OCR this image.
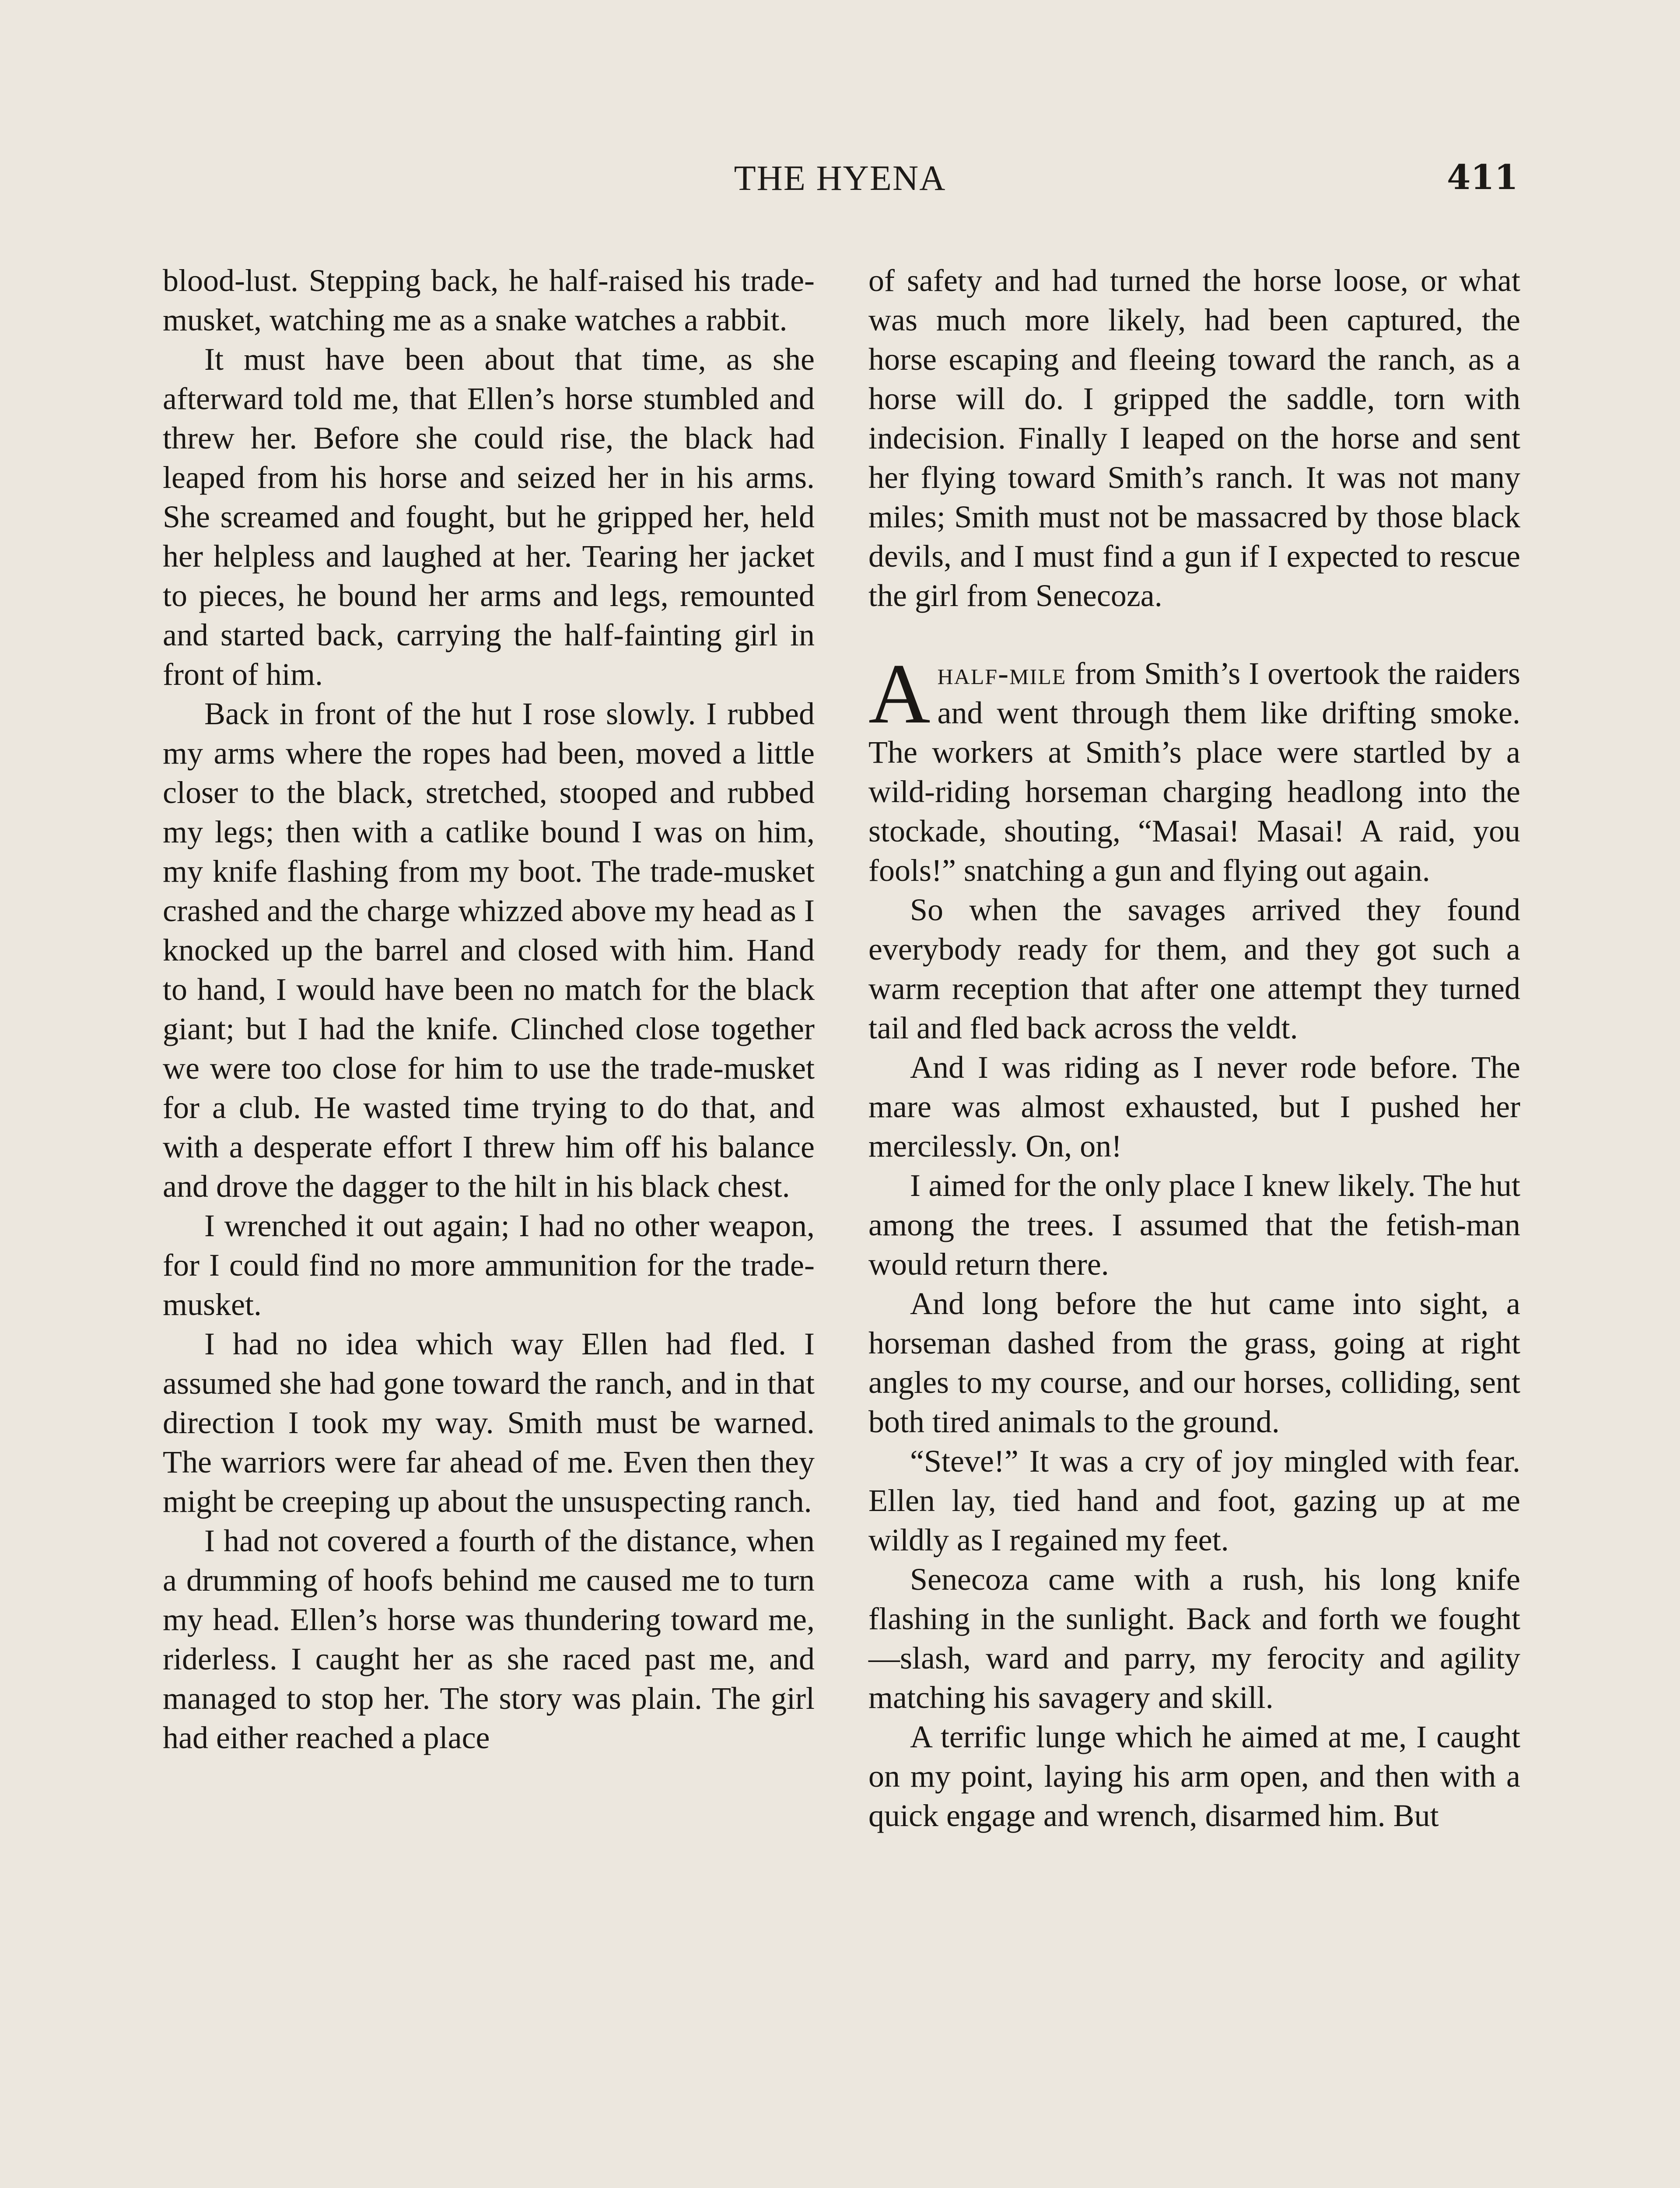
THE HYENA	411

blood-lust. Stepping back, he half-raised his trade-musket, watching me as a snake watches a rabbit.

It must have been about that time, as she afterward told me, that Ellen’s horse stumbled and threw her. Before she could rise, the black had leaped from his horse and seized her in his arms. She screamed and fought, but he gripped her, held her helpless and laughed at her. Tearing her jacket to pieces, he bound her arms and legs, remounted and started back, carrying the half-fainting girl in front of him.

Back in front of the hut I rose slowly. I rubbed my arms where the ropes had been, moved a little closer to the black, stretched, stooped and rubbed my legs; then with a catlike bound I was on him, my knife flashing from my boot. The trade-musket crashed and the charge whizzed above my head as I knocked up the barrel and closed with him. Hand to hand, I would have been no match for the black giant; but I had the knife. Clinched close together we were too close for him to use the trade-musket for a club. He wasted time trying to do that, and with a desperate effort I threw him off his balance and drove the dagger to the hilt in his black chest.

I wrenched it out again; I had no other weapon, for I could find no more ammunition for the trade-musket.

I had no idea which way Ellen had fled. I assumed she had gone toward the ranch, and in that direction I took my way. Smith must be warned. The warriors were far ahead of me. Even then they might be creeping up about the unsuspecting ranch.

I had not covered a fourth of the distance, when a drumming of hoofs behind me caused me to turn my head. Ellen’s horse was thundering toward me, riderless. I caught her as she raced past me, and managed to stop her. The story was plain. The girl had either reached a place

of safety and had turned the horse loose, or what was much more likely, had been captured, the horse escaping and fleeing toward the ranch, as a horse will do. I gripped the saddle, torn with indecision. Finally I leaped on the horse and sent her flying toward Smith’s ranch. It was not many miles; Smith must not be massacred by those black devils, and I must find a gun if I expected to rescue the girl from Senecoza.

Ahalf-mile from Smith’s I overtook the raiders and went through them like drifting smoke. The workers at Smith’s place were startled by a wild-riding horseman charging headlong into the stockade, shouting, “Masai! Masai! A raid, you fools!” snatching a gun and flying out again.

So when the savages arrived they found everybody ready for them, and they got such a warm reception that after one attempt they turned tail and fled back across the veldt.

And I was riding as I never rode before. The mare was almost exhausted, but I pushed her mercilessly. On, on!

I aimed for the only place I knew likely. The hut among the trees. I assumed that the fetish-man would return there.

And long before the hut came into sight, a horseman dashed from the grass, going at right angles to my course, and our horses, colliding, sent both tired animals to the ground.

“Steve!” It was a cry of joy mingled with fear. Ellen lay, tied hand and foot, gazing up at me wildly as I regained my feet.

Senecoza came with a rush, his long knife flashing in the sunlight. Back and forth we fought—slash, ward and parry, my ferocity and agility matching his savagery and skill.

A terrific lunge which he aimed at me, I caught on my point, laying his arm open, and then with a quick engage and wrench, disarmed him. But
